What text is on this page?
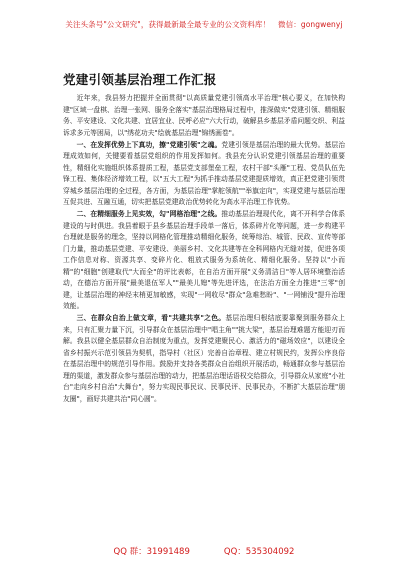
关注头条号"公文研究"，获得最新最全最专业的公文资料库！ 微信：gongwenyj
党建引领基层治理工作汇报

近年来，我县努力把握并全面贯彻"以高质量党建引领高水平治理"核心要义，在加快构建"区域一盘棋、治理一张网、服务全落实"基层治理格局过程中，推深做实"党建引领、精细服务、平安建设、文化共建、宜居宜业、民呼必应"六大行动，破解县乡基层矛盾问题交织、利益诉求多元等困局，以"绣花功夫"绘就基层治理"锦绣画卷"。

一、在发挥优势上下真功，擦"党建引领"之魂。党建引领是基层治理的最大优势。基层治理成效如何，关键要看基层党组织的作用发挥如何。我县充分认识党建引领基层治理的重要性，精细化实施组织体系提质工程，基层党支部堡垒工程，农村干部"头雁"工程、党员队伍先锋工程、集体经济增效工程，以"五大工程"为抓手推动基层党建提质增效，真正把党建引领贯穿城乡基层治理的全过程，各方面，为基层治理"掌舵领航""举旗定向"，实现党建与基层治理互促共进、互融互通，切实把基层党建政治优势转化为高水平治理工作优势。

二、在精细服务上见实效，勾"网格治理"之线。推动基层治理现代化，离不开科学合体系建设的与时俱进。我县着眼于县乡基层治理手段单一落后，体系碎片化等问题，进一步构建平台理就是服务的理念，坚持以网格化管理推动精细化服务，统筹综治、城管、民政、宣传等部门力量，推动基层党建、平安建设、美丽乡村、文化共建等在全科网格内无缝对接，促进各项工作信息对称、资源共享、变碎片化、粗放式服务为系统化、精细化服务。坚持以"小而精"的"细胞"创建取代"大而全"的评比表彰，在自治方面开展"义务清洁日"等人居环境整治活动，在德治方面开展"最美退伍军人""最美儿媳"等先进评选，在法治方面全力推进"三零"创建，让基层治理的神经末梢更加敏感，实现"一网收尽"群众"急难愁盼"、"一网铺没"提升治理效能。

三、在群众自治上做文章，看"共建共享"之色。基层治理归根结底要靠聚到服务群众上来，只有汇聚力量下沉，引导群众在基层治理中"唱主角""挑大梁"，基层治理难题方能迎刃而解。我县以健全基层群众自治制度为重点，发挥党建聚民心、激活力的"磁场效应"，以建设全省乡村振兴示范引领县为契机，指导村（社区）完善自治章程、建立村规民约，发挥公序良俗在基层治理中的规范引导作用。鼓励并支持各类群众自治组织开展活动，畅通群众参与基层治理的渠道，激发群众参与基层治理的动力，把基层治理话语权交给群众，引导群众从家庭"小社台"走向乡村自治"大舞台"，努力实现民事民议、民事民评、民事民办，不断扩大基层治理"朋友圈"，画好共建共治"同心圆"。

QQ 群：31991489	QQ：535304092
